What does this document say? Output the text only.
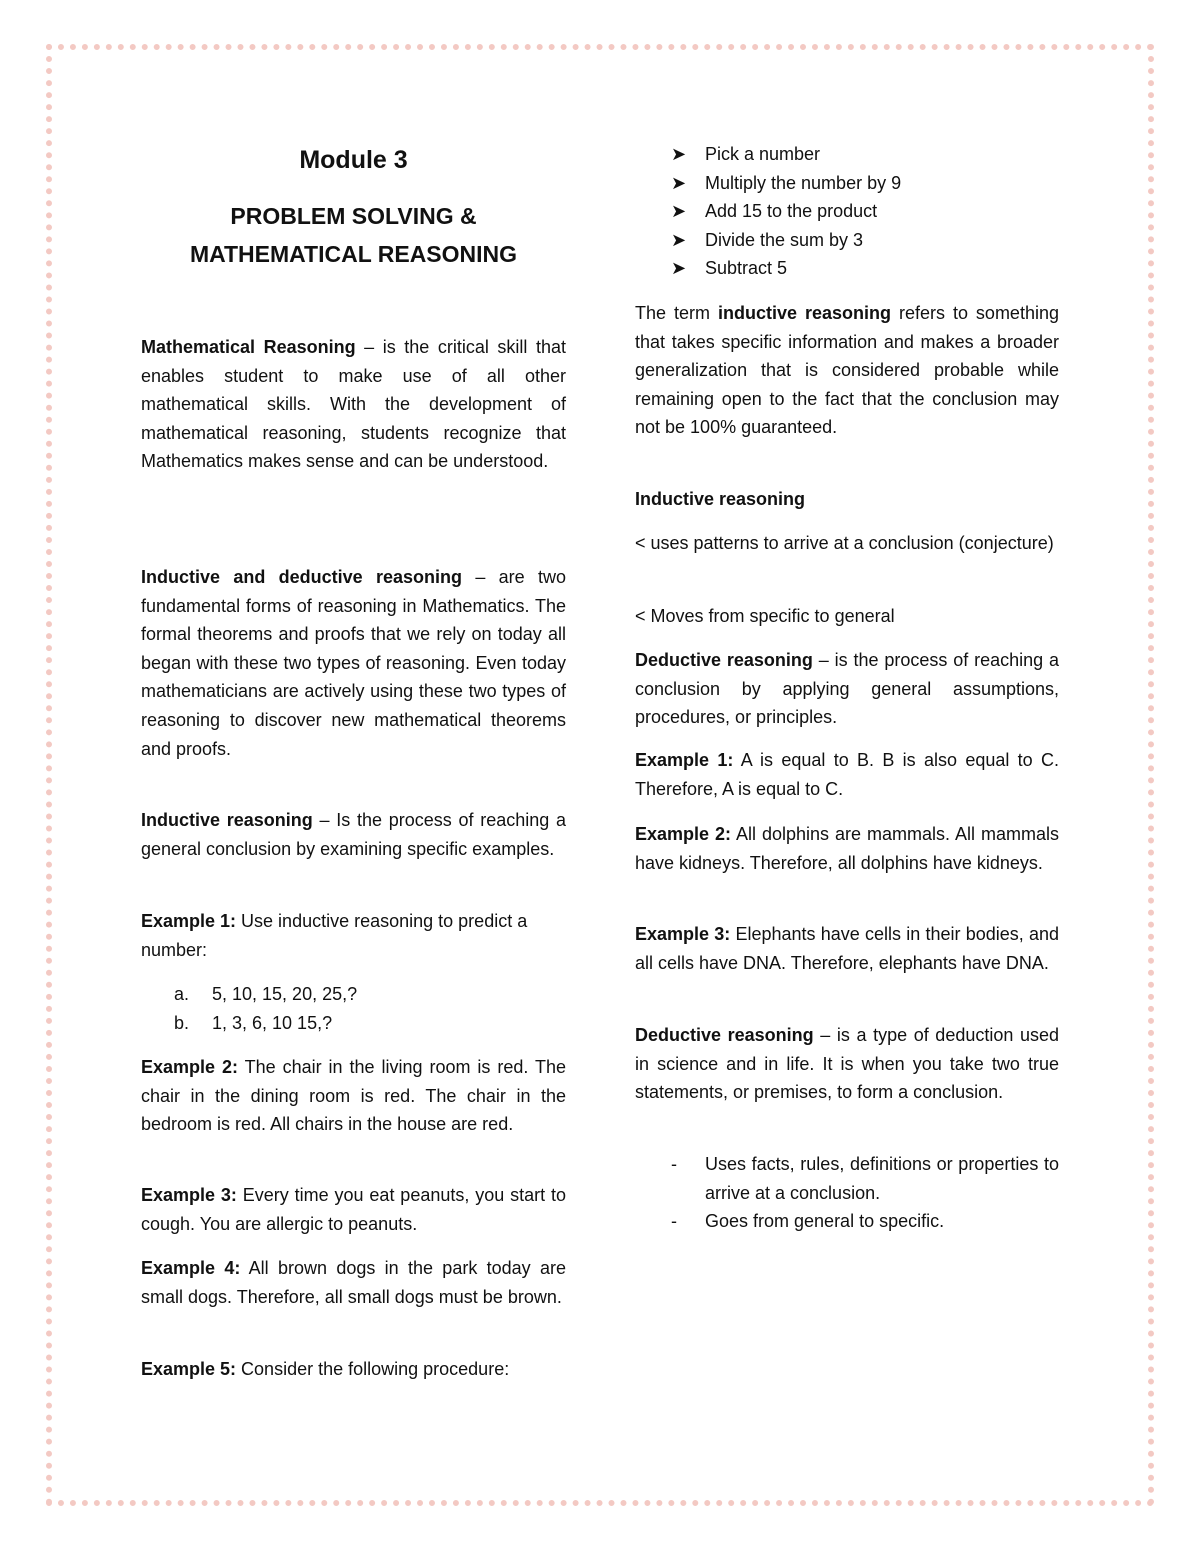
Module 3
PROBLEM SOLVING &
MATHEMATICAL REASONING

Mathematical Reasoning – is the critical skill that enables student to make use of all other mathematical skills. With the development of mathematical reasoning, students recognize that Mathematics makes sense and can be understood.

Inductive and deductive reasoning – are two fundamental forms of reasoning in Mathematics. The formal theorems and proofs that we rely on today all began with these two types of reasoning. Even today mathematicians are actively using these two types of reasoning to discover new mathematical theorems and proofs.

Inductive reasoning – Is the process of reaching a general conclusion by examining specific examples.

Example 1: Use inductive reasoning to predict a number:

a. 5, 10, 15, 20, 25,?
b. 1, 3, 6, 10 15,?

Example 2: The chair in the living room is red. The chair in the dining room is red. The chair in the bedroom is red. All chairs in the house are red.

Example 3: Every time you eat peanuts, you start to cough. You are allergic to peanuts.

Example 4: All brown dogs in the park today are small dogs. Therefore, all small dogs must be brown.

Example 5: Consider the following procedure:

➤ Pick a number
➤ Multiply the number by 9
➤ Add 15 to the product
➤ Divide the sum by 3
➤ Subtract 5

The term inductive reasoning refers to something that takes specific information and makes a broader generalization that is considered probable while remaining open to the fact that the conclusion may not be 100% guaranteed.

Inductive reasoning

< uses patterns to arrive at a conclusion (conjecture)

< Moves from specific to general

Deductive reasoning – is the process of reaching a conclusion by applying general assumptions, procedures, or principles.

Example 1: A is equal to B. B is also equal to C. Therefore, A is equal to C.

Example 2: All dolphins are mammals. All mammals have kidneys. Therefore, all dolphins have kidneys.

Example 3: Elephants have cells in their bodies, and all cells have DNA. Therefore, elephants have DNA.

Deductive reasoning – is a type of deduction used in science and in life. It is when you take two true statements, or premises, to form a conclusion.

- Uses facts, rules, definitions or properties to arrive at a conclusion.
- Goes from general to specific.
